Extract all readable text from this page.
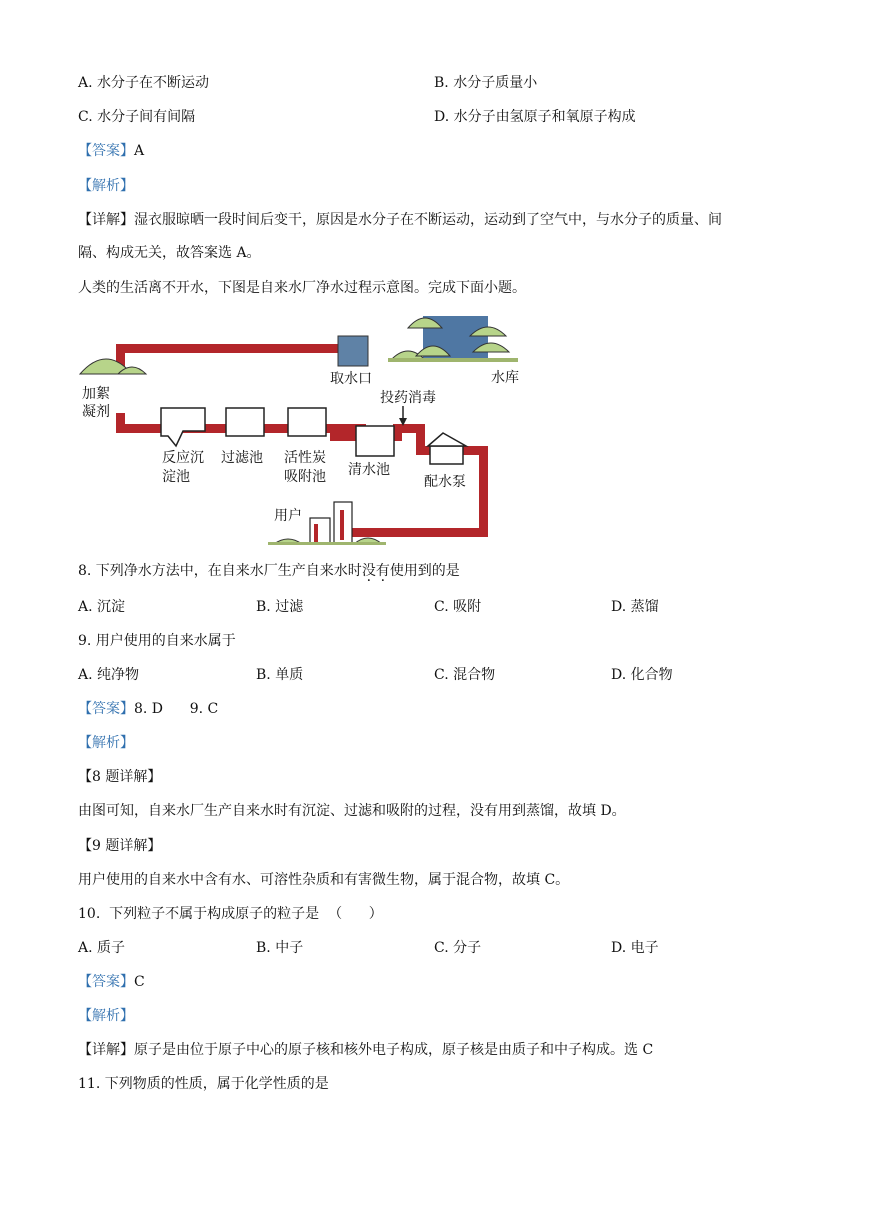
A. 水分子在不断运动	B. 水分子质量小
C. 水分子间有间隔	D. 水分子由氢原子和氧原子构成
【答案】A
【解析】
【详解】湿衣服晾晒一段时间后变干，原因是水分子在不断运动，运动到了空气中，与水分子的质量、间
隔、构成无关，故答案选 A。
人类的生活离不开水，下图是自来水厂净水过程示意图。完成下面小题。
加絮
凝剂
取水口	水库
投药消毒
反应沉
淀池
过滤池 活性炭
吸附池 清水池
配水泵
用户
8. 下列净水方法中，在自来水厂生产自来水时没有使用到的是
A. 沉淀	B. 过滤	C. 吸附	D. 蒸馏
9. 用户使用的自来水属于
A. 纯净物	B. 单质	C. 混合物	D. 化合物
【答案】8. D      9. C
【解析】
【8 题详解】
由图可知，自来水厂生产自来水时有沉淀、过滤和吸附的过程，没有用到蒸馏，故填 D。
【9 题详解】
用户使用的自来水中含有水、可溶性杂质和有害微生物，属于混合物，故填 C。
10.  下列粒子不属于构成原子的粒子是  （      ）
A. 质子	B. 中子	C. 分子	D. 电子
【答案】C
【解析】
【详解】原子是由位于原子中心的原子核和核外电子构成，原子核是由质子和中子构成。选 C
11. 下列物质的性质，属于化学性质的是
